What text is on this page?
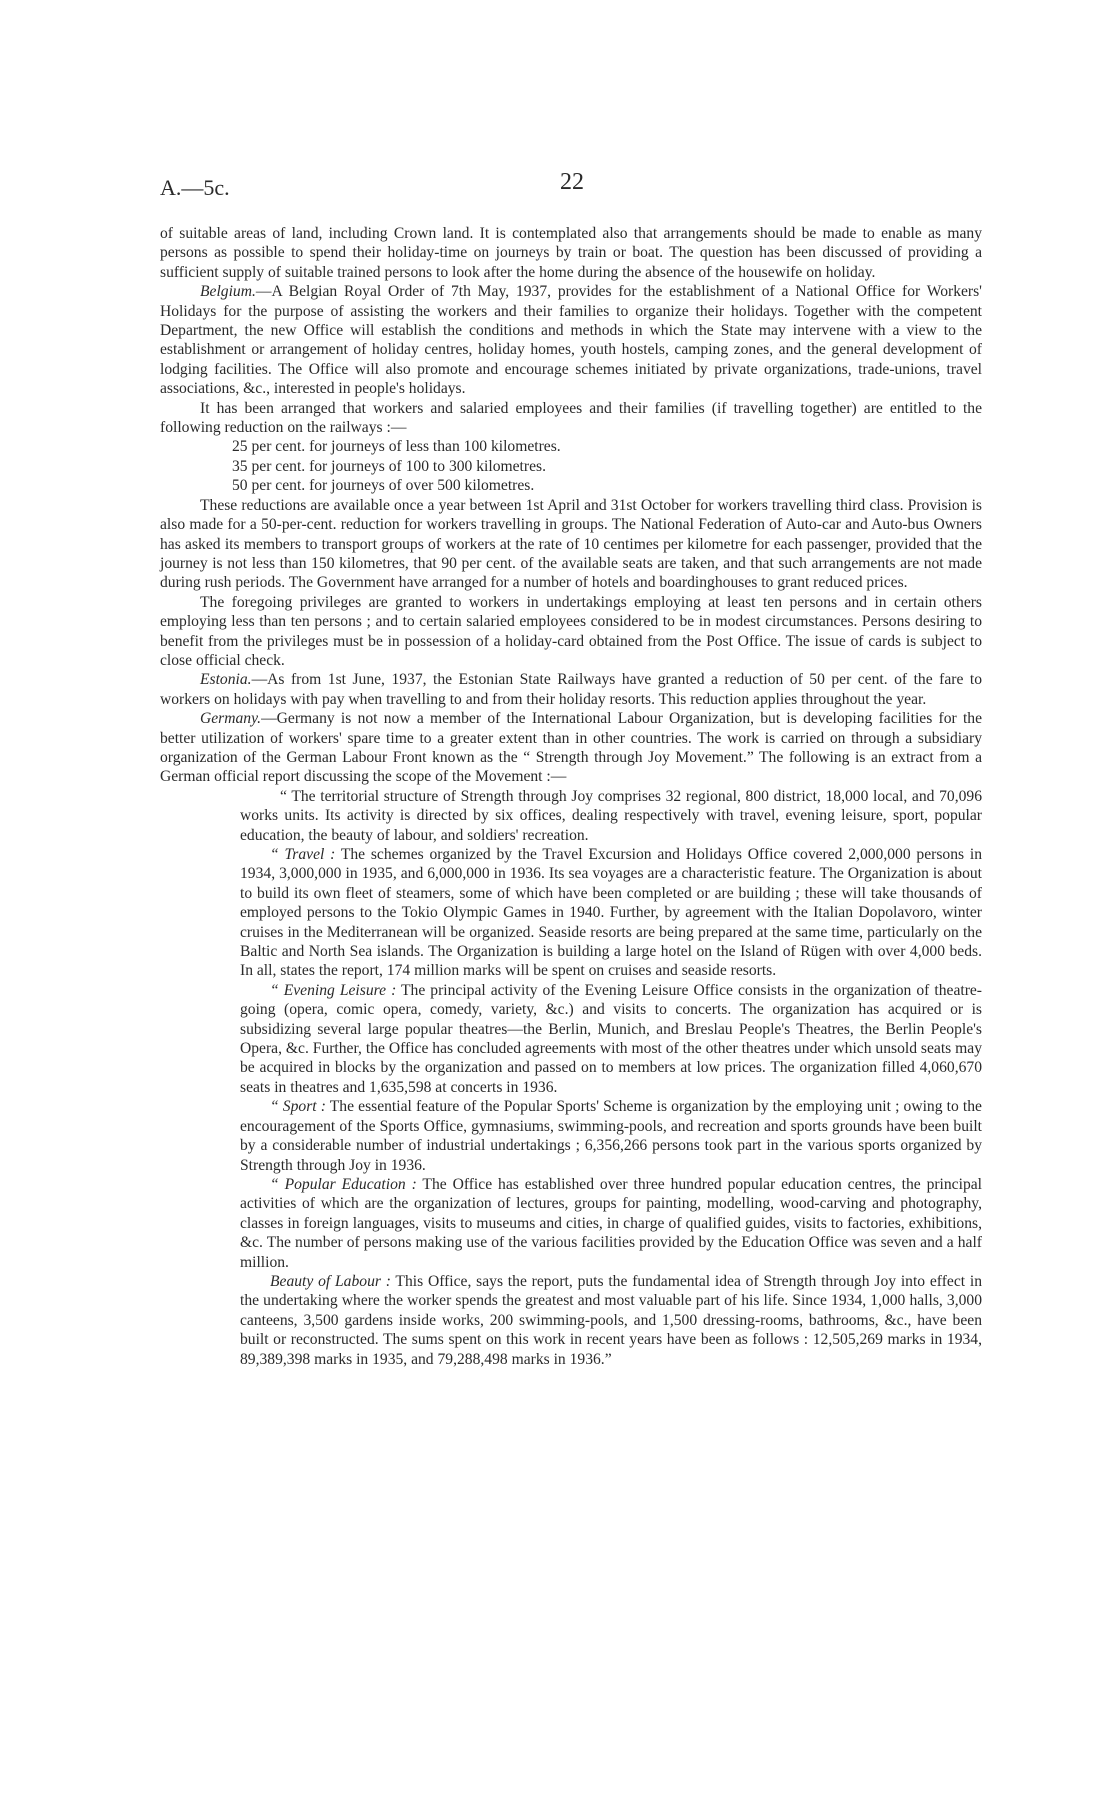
A.—5c.	22

of suitable areas of land, including Crown land. It is contemplated also that arrangements should be made to enable as many persons as possible to spend their holiday-time on journeys by train or boat. The question has been discussed of providing a sufficient supply of suitable trained persons to look after the home during the absence of the housewife on holiday.

Belgium.—A Belgian Royal Order of 7th May, 1937, provides for the establishment of a National Office for Workers' Holidays for the purpose of assisting the workers and their families to organize their holidays. Together with the competent Department, the new Office will establish the conditions and methods in which the State may intervene with a view to the establishment or arrangement of holiday centres, holiday homes, youth hostels, camping zones, and the general development of lodging facilities. The Office will also promote and encourage schemes initiated by private organizations, trade-unions, travel associations, &c., interested in people's holidays.

It has been arranged that workers and salaried employees and their families (if travelling together) are entitled to the following reduction on the railways :—

25 per cent. for journeys of less than 100 kilometres.

35 per cent. for journeys of 100 to 300 kilometres.

50 per cent. for journeys of over 500 kilometres.

These reductions are available once a year between 1st April and 31st October for workers travelling third class. Provision is also made for a 50-per-cent. reduction for workers travelling in groups. The National Federation of Auto-car and Auto-bus Owners has asked its members to transport groups of workers at the rate of 10 centimes per kilometre for each passenger, provided that the journey is not less than 150 kilometres, that 90 per cent. of the available seats are taken, and that such arrangements are not made during rush periods. The Government have arranged for a number of hotels and boardinghouses to grant reduced prices.

The foregoing privileges are granted to workers in undertakings employing at least ten persons and in certain others employing less than ten persons ; and to certain salaried employees considered to be in modest circumstances. Persons desiring to benefit from the privileges must be in possession of a holiday-card obtained from the Post Office. The issue of cards is subject to close official check.

Estonia.—As from 1st June, 1937, the Estonian State Railways have granted a reduction of 50 per cent. of the fare to workers on holidays with pay when travelling to and from their holiday resorts. This reduction applies throughout the year.

Germany.—Germany is not now a member of the International Labour Organization, but is developing facilities for the better utilization of workers' spare time to a greater extent than in other countries. The work is carried on through a subsidiary organization of the German Labour Front known as the “ Strength through Joy Movement.” The following is an extract from a German official report discussing the scope of the Movement :—

“ The territorial structure of Strength through Joy comprises 32 regional, 800 district, 18,000 local, and 70,096 works units. Its activity is directed by six offices, dealing respectively with travel, evening leisure, sport, popular education, the beauty of labour, and soldiers' recreation.

“ Travel : The schemes organized by the Travel Excursion and Holidays Office covered 2,000,000 persons in 1934, 3,000,000 in 1935, and 6,000,000 in 1936. Its sea voyages are a characteristic feature. The Organization is about to build its own fleet of steamers, some of which have been completed or are building ; these will take thousands of employed persons to the Tokio Olympic Games in 1940. Further, by agreement with the Italian Dopolavoro, winter cruises in the Mediterranean will be organized. Seaside resorts are being prepared at the same time, particularly on the Baltic and North Sea islands. The Organization is building a large hotel on the Island of Rügen with over 4,000 beds. In all, states the report, 174 million marks will be spent on cruises and seaside resorts.

“ Evening Leisure : The principal activity of the Evening Leisure Office consists in the organization of theatre-going (opera, comic opera, comedy, variety, &c.) and visits to concerts. The organization has acquired or is subsidizing several large popular theatres—the Berlin, Munich, and Breslau People's Theatres, the Berlin People's Opera, &c. Further, the Office has concluded agreements with most of the other theatres under which unsold seats may be acquired in blocks by the organization and passed on to members at low prices. The organization filled 4,060,670 seats in theatres and 1,635,598 at concerts in 1936.

“ Sport : The essential feature of the Popular Sports' Scheme is organization by the employing unit ; owing to the encouragement of the Sports Office, gymnasiums, swimming-pools, and recreation and sports grounds have been built by a considerable number of industrial undertakings ; 6,356,266 persons took part in the various sports organized by Strength through Joy in 1936.

“ Popular Education : The Office has established over three hundred popular education centres, the principal activities of which are the organization of lectures, groups for painting, modelling, wood-carving and photography, classes in foreign languages, visits to museums and cities, in charge of qualified guides, visits to factories, exhibitions, &c. The number of persons making use of the various facilities provided by the Education Office was seven and a half million.

Beauty of Labour : This Office, says the report, puts the fundamental idea of Strength through Joy into effect in the undertaking where the worker spends the greatest and most valuable part of his life. Since 1934, 1,000 halls, 3,000 canteens, 3,500 gardens inside works, 200 swimming-pools, and 1,500 dressing-rooms, bathrooms, &c., have been built or reconstructed. The sums spent on this work in recent years have been as follows : 12,505,269 marks in 1934, 89,389,398 marks in 1935, and 79,288,498 marks in 1936.”
